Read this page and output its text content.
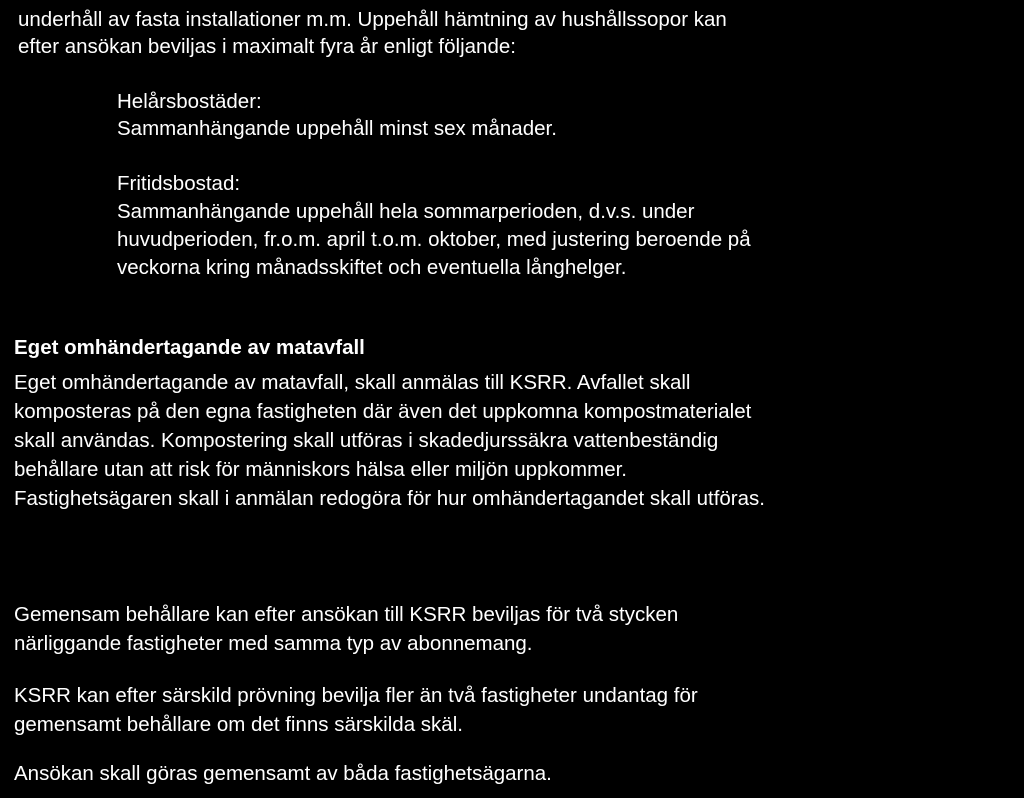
underhåll av fasta installationer m.m. Uppehåll hämtning av hushållssopor kan
efter ansökan beviljas i maximalt fyra år enligt följande:

Helårsbostäder:
Sammanhängande uppehåll minst sex månader.

Fritidsbostad:
Sammanhängande uppehåll hela sommarperioden, d.v.s. under
huvudperioden, fr.o.m. april t.o.m. oktober, med justering beroende på
veckorna kring månadsskiftet och eventuella långhelger.

Eget omhändertagande av matavfall

Eget omhändertagande av matavfall, skall anmälas till KSRR. Avfallet skall
komposteras på den egna fastigheten där även det uppkomna kompostmaterialet
skall användas. Kompostering skall utföras i skadedjurssäkra vattenbeständig
behållare utan att risk för människors hälsa eller miljön uppkommer.
Fastighetsägaren skall i anmälan redogöra för hur omhändertagandet skall utföras.

Gemensam behållare kan efter ansökan till KSRR beviljas för två stycken
närliggande fastigheter med samma typ av abonnemang.

KSRR kan efter särskild prövning bevilja fler än två fastigheter undantag för
gemensamt behållare om det finns särskilda skäl.

Ansökan skall göras gemensamt av båda fastighetsägarna.
